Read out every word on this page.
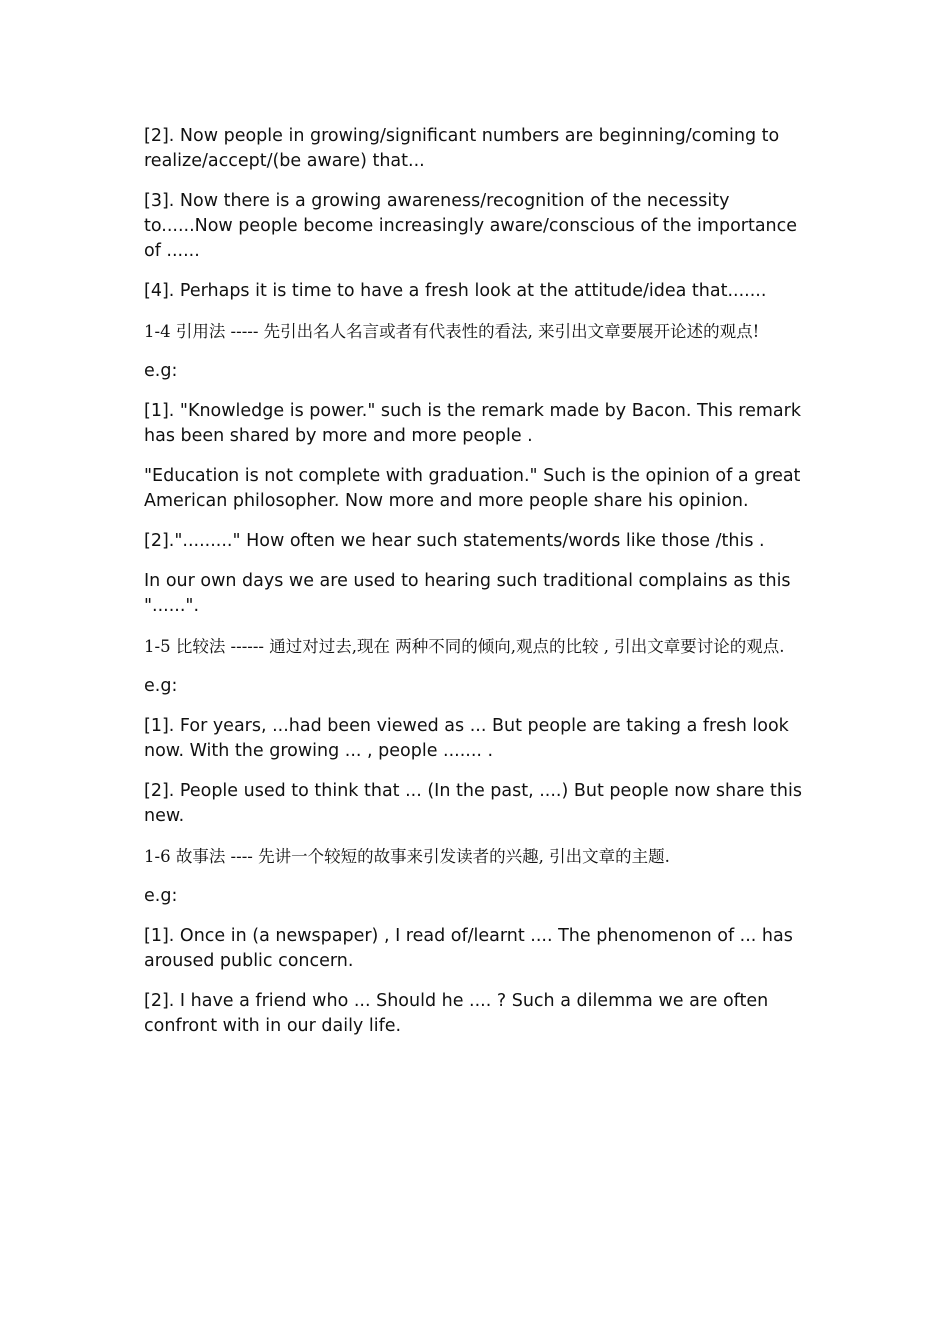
[2]. Now people in growing/significant numbers are beginning/coming to realize/accept/(be aware) that...

[3]. Now there is a growing awareness/recognition of the necessity to......Now people become increasingly aware/conscious of the importance of ......

[4]. Perhaps it is time to have a fresh look at the attitude/idea that.......

1-4 引用法 ----- 先引出名人名言或者有代表性的看法, 来引出文章要展开论述的观点!

e.g:

[1]. "Knowledge is power." such is the remark made by Bacon. This remark has been shared by more and more people .

"Education is not complete with graduation." Such is the opinion of a great American philosopher. Now more and more people share his opinion.

[2]."........." How often we hear such statements/words like those /this .

In our own days we are used to hearing such traditional complains as this "......".

1-5 比较法 ------ 通过对过去,现在 两种不同的倾向,观点的比较 , 引出文章要讨论的观点.

e.g:

[1]. For years, ...had been viewed as ... But people are taking a fresh look now. With the growing ... , people ....... .

[2]. People used to think that ... (In the past, ....) But people now share this new.

1-6 故事法 ---- 先讲一个较短的故事来引发读者的兴趣, 引出文章的主题.

e.g:

[1]. Once in (a newspaper) , I read of/learnt .... The phenomenon of ... has aroused public concern.

[2]. I have a friend who ... Should he .... ? Such a dilemma we are often confront with in our daily life.
